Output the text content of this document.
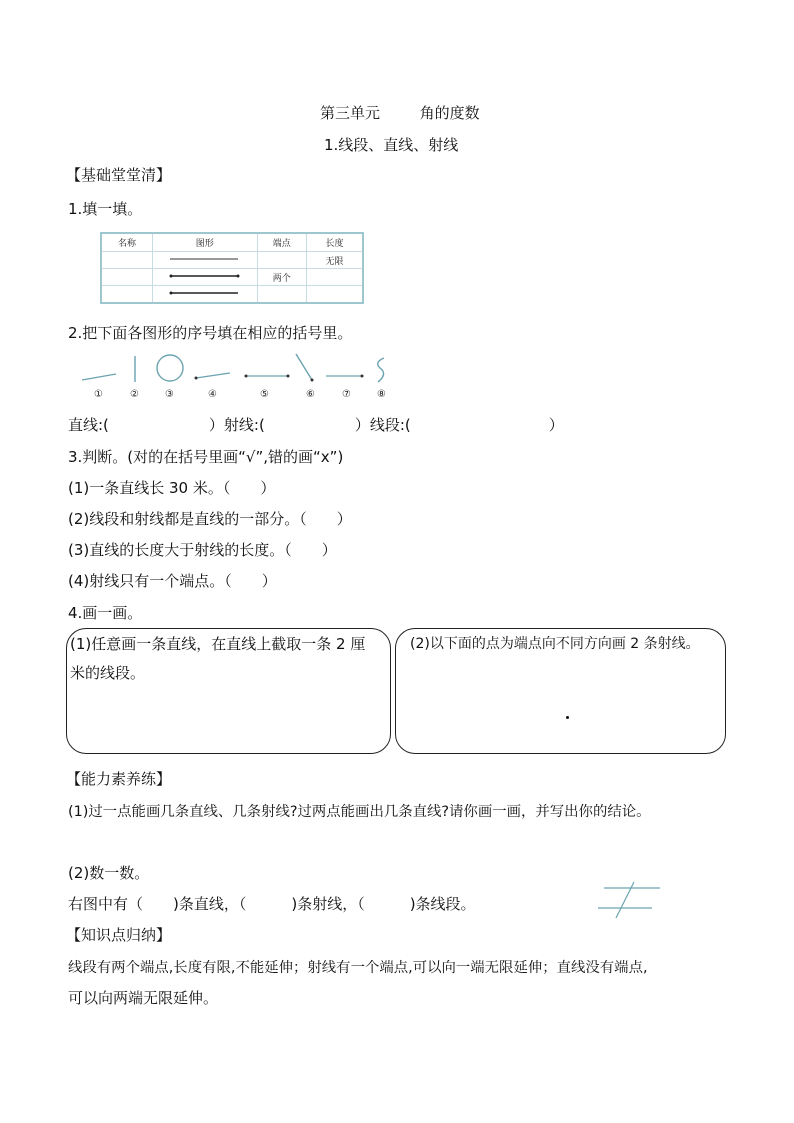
第三单元	角的度数
1.线段、直线、射线
【基础堂堂清】
1.填一填。
名称	图形	端点	长度
			无限
		两个	

2.把下面各图形的序号填在相应的括号里。
①	②	③	④	⑤	⑥	⑦	⑧
直线:(	）射线:(	）线段:(	）
3.判断。(对的在括号里画“√”,错的画“x”)
(1)一条直线长 30 米。（　　）
(2)线段和射线都是直线的一部分。（　　）
(3)直线的长度大于射线的长度。（　　）
(4)射线只有一个端点。（　　）
4.画一画。
(1)任意画一条直线，在直线上截取一条 2 厘
米的线段。
(2)以下面的点为端点向不同方向画 2 条射线。
【能力素养练】
(1)过一点能画几条直线、几条射线?过两点能画出几条直线?请你画一画，并写出你的结论。
(2)数一数。
右图中有（　　)条直线，（　　　)条射线，（　　　)条线段。
【知识点归纳】
线段有两个端点,长度有限,不能延伸；射线有一个端点,可以向一端无限延伸；直线没有端点,
可以向两端无限延伸。
